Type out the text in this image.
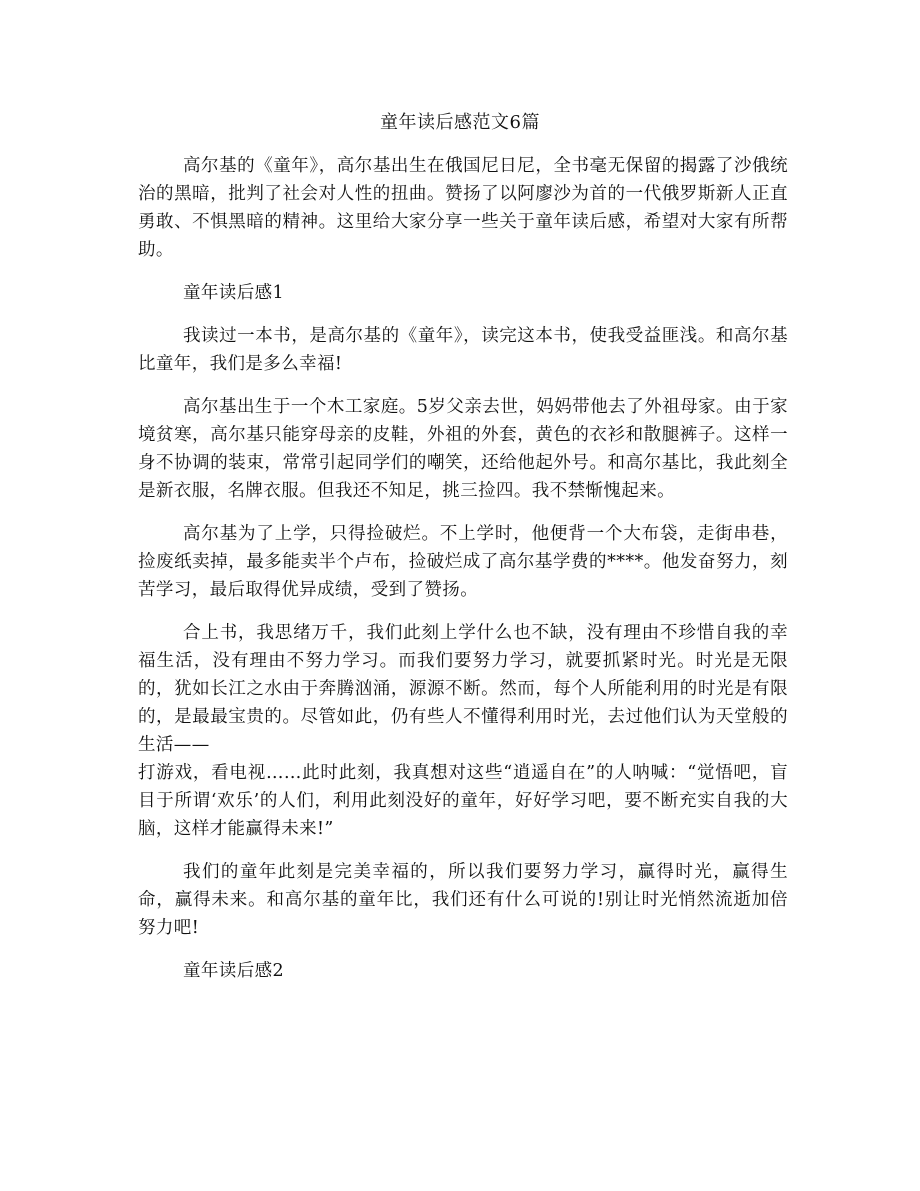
童年读后感范文6篇

高尔基的《童年》，高尔基出生在俄国尼日尼，全书毫无保留的揭露了沙俄统治的黑暗，批判了社会对人性的扭曲。赞扬了以阿廖沙为首的一代俄罗斯新人正直勇敢、不惧黑暗的精神。这里给大家分享一些关于童年读后感，希望对大家有所帮助。

童年读后感1

我读过一本书，是高尔基的《童年》，读完这本书，使我受益匪浅。和高尔基比童年，我们是多么幸福!

高尔基出生于一个木工家庭。5岁父亲去世，妈妈带他去了外祖母家。由于家境贫寒，高尔基只能穿母亲的皮鞋，外祖的外套，黄色的衣衫和散腿裤子。这样一身不协调的装束，常常引起同学们的嘲笑，还给他起外号。和高尔基比，我此刻全是新衣服，名牌衣服。但我还不知足，挑三捡四。我不禁惭愧起来。

高尔基为了上学，只得捡破烂。不上学时，他便背一个大布袋，走街串巷，捡废纸卖掉，最多能卖半个卢布，捡破烂成了高尔基学费的****。他发奋努力，刻苦学习，最后取得优异成绩，受到了赞扬。

合上书，我思绪万千，我们此刻上学什么也不缺，没有理由不珍惜自我的幸福生活，没有理由不努力学习。而我们要努力学习，就要抓紧时光。时光是无限的，犹如长江之水由于奔腾汹涌，源源不断。然而，每个人所能利用的时光是有限的，是最最宝贵的。尽管如此，仍有些人不懂得利用时光，去过他们认为天堂般的生活——

打游戏，看电视……此时此刻，我真想对这些“逍遥自在”的人呐喊：“觉悟吧，盲目于所谓‘欢乐’的人们，利用此刻没好的童年，好好学习吧，要不断充实自我的大脑，这样才能赢得未来!”

我们的童年此刻是完美幸福的，所以我们要努力学习，赢得时光，赢得生命，赢得未来。和高尔基的童年比，我们还有什么可说的!别让时光悄然流逝加倍努力吧!

童年读后感2
